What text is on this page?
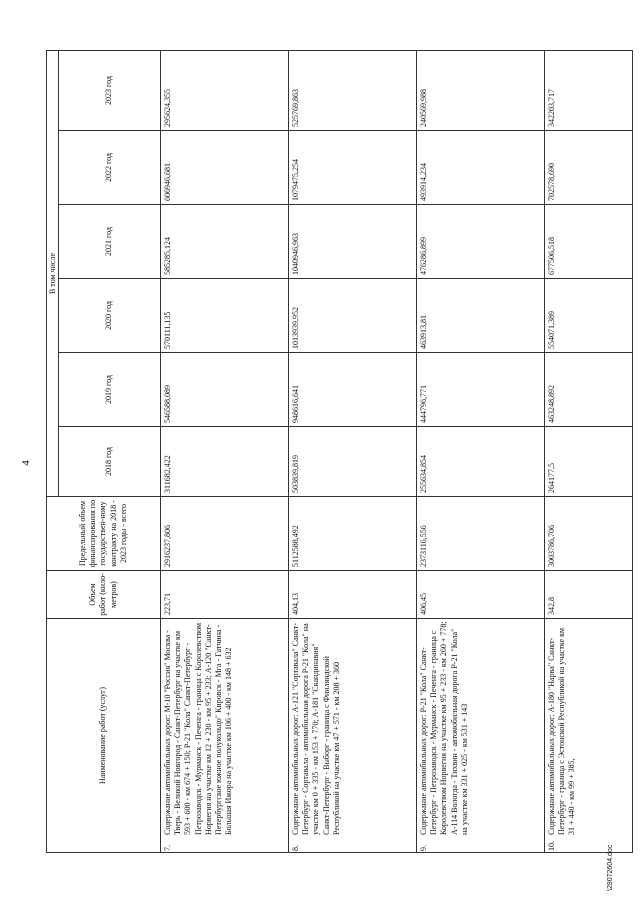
4
Наименование работ (услуг)	Объем работ (кило-метров)	Предельный объем финансирования по государствен-ному контракту на 2018 - 2023 годы - всего	В том числе					
			2018 год	2019 год	2020 год	2021 год	2022 год	2023 год

7.
Содержание автомобильных дорог: М-10 "Россия" Москва - Тверь - Великий Новгород - Санкт-Петербург на участке км 593 + 600 - км 674 + 150; Р-21 "Кола" Санкт-Петербург - Петрозаводск - Мурманск - Печенга - граница с Королевством Норвегия на участке км 12 + 230 - км 95 + 233; А-120 "Санкт-Петербургское южное полукольцо" Кировск - Мга - Гатчина - Большая Ижора на участке км 106 + 400 - км 148 + 632	223,71	2916237,806	311682,422	546588,089	570111,135	585285,124	606946,681	295624,355

8.
Содержание автомобильных дорог: А-121 "Сортавала" Санкт-Петербург - Сортавала - автомобильная дорога Р-21 "Кола" на участке км 0 + 335 - км 153 + 770; А-181 "Скандинавия" Санкт-Петербург - Выборг - граница с Финляндской Республикой на участке км 47 + 571 - км 208 + 360	404,13	5112588,492	503839,819	948616,641	1013939,952	1040946,963	1079475,254	525769,863

9.
Содержание автомобильных дорог: Р-21 "Кола" Санкт-Петербург - Петрозаводск - Мурманск - Печенга - граница с Королевством Норвегия на участке км 95 + 233 - км 260 + 778; А-114 Вологда - Тихвин - автомобильная дорога Р-21 "Кола" на участке км 331 + 025 - км 531 + 143	406,45	2373116,556	255634,854	444796,771	463913,81	476286,899	493914,234	240569,988

10.
Содержание автомобильных дорог: А-180 "Нарва" Санкт-Петербург - граница с Эстонской Республикой на участке км 31 + 440 - км 99 + 385,	342,8	3003786,706	264177,5	463248,892	554071,389	677506,518	702578,690	342203,717
\29072604.doc
